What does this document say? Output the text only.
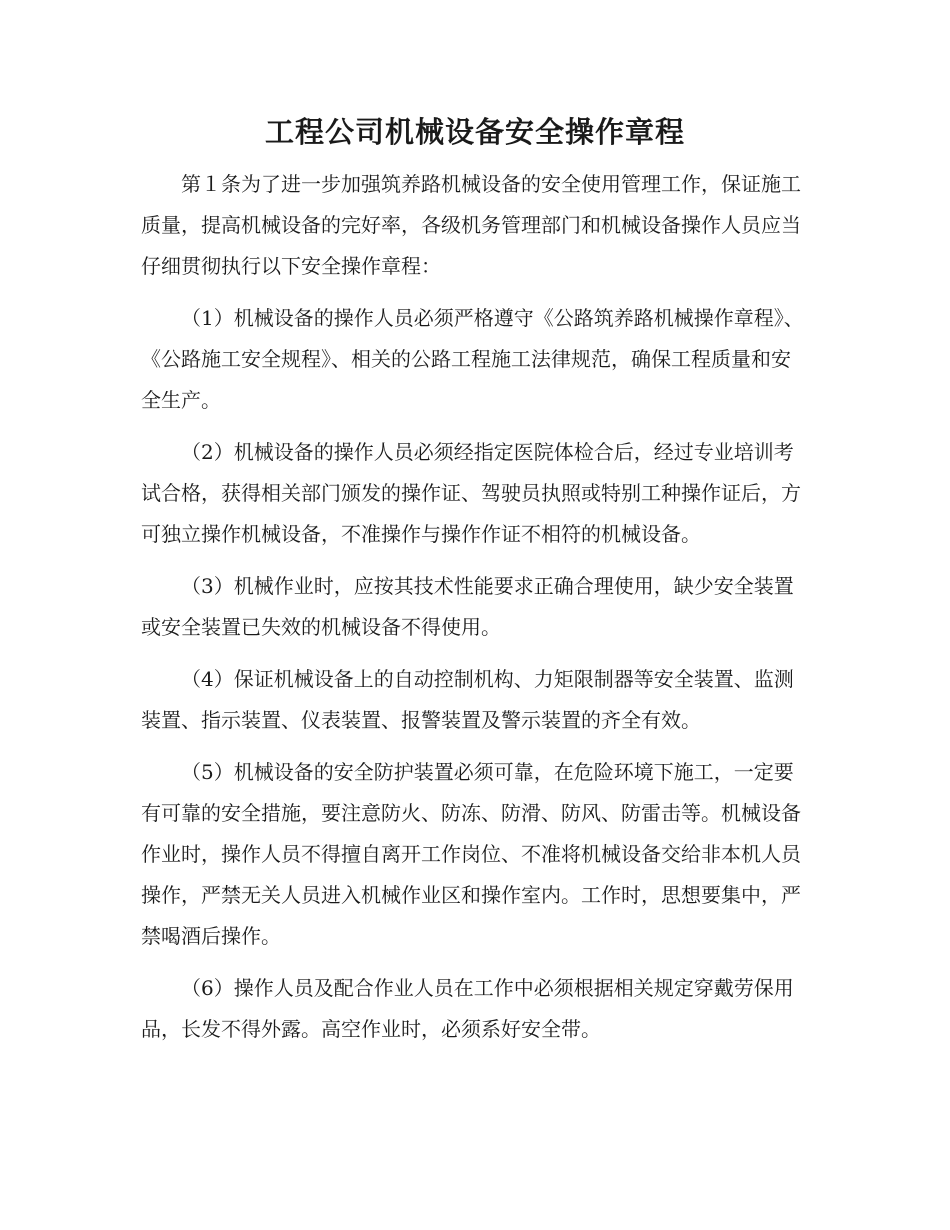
工程公司机械设备安全操作章程

第１条为了进一步加强筑养路机械设备的安全使用管理工作，保证施工质量，提高机械设备的完好率，各级机务管理部门和机械设备操作人员应当仔细贯彻执行以下安全操作章程：

（1）机械设备的操作人员必须严格遵守《公路筑养路机械操作章程》、《公路施工安全规程》、相关的公路工程施工法律规范，确保工程质量和安全生产。

（2）机械设备的操作人员必须经指定医院体检合后，经过专业培训考试合格，获得相关部门颁发的操作证、驾驶员执照或特别工种操作证后，方可独立操作机械设备，不准操作与操作作证不相符的机械设备。

（3）机械作业时，应按其技术性能要求正确合理使用，缺少安全装置或安全装置已失效的机械设备不得使用。

（4）保证机械设备上的自动控制机构、力矩限制器等安全装置、监测装置、指示装置、仪表装置、报警装置及警示装置的齐全有效。

（5）机械设备的安全防护装置必须可靠，在危险环境下施工，一定要有可靠的安全措施，要注意防火、防冻、防滑、防风、防雷击等。机械设备作业时，操作人员不得擅自离开工作岗位、不准将机械设备交给非本机人员操作，严禁无关人员进入机械作业区和操作室内。工作时，思想要集中，严禁喝酒后操作。

（6）操作人员及配合作业人员在工作中必须根据相关规定穿戴劳保用品，长发不得外露。高空作业时，必须系好安全带。
